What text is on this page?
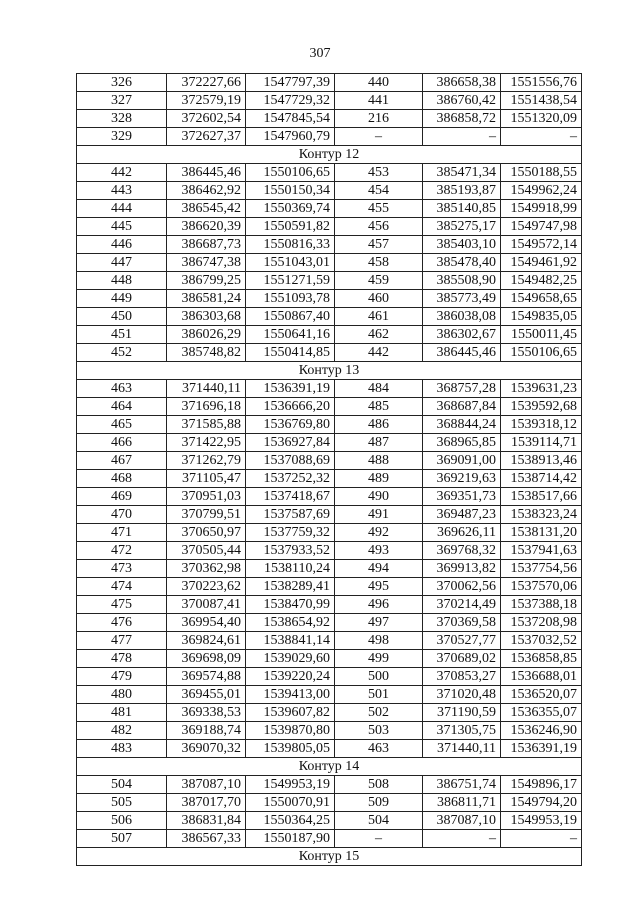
307
326	372227,66	1547797,39	440	386658,38	1551556,76
327	372579,19	1547729,32	441	386760,42	1551438,54
328	372602,54	1547845,54	216	386858,72	1551320,09
329	372627,37	1547960,79	–	–	–
Контур 12					
442	386445,46	1550106,65	453	385471,34	1550188,55
443	386462,92	1550150,34	454	385193,87	1549962,24
444	386545,42	1550369,74	455	385140,85	1549918,99
445	386620,39	1550591,82	456	385275,17	1549747,98
446	386687,73	1550816,33	457	385403,10	1549572,14
447	386747,38	1551043,01	458	385478,40	1549461,92
448	386799,25	1551271,59	459	385508,90	1549482,25
449	386581,24	1551093,78	460	385773,49	1549658,65
450	386303,68	1550867,40	461	386038,08	1549835,05
451	386026,29	1550641,16	462	386302,67	1550011,45
452	385748,82	1550414,85	442	386445,46	1550106,65
Контур 13					
463	371440,11	1536391,19	484	368757,28	1539631,23
464	371696,18	1536666,20	485	368687,84	1539592,68
465	371585,88	1536769,80	486	368844,24	1539318,12
466	371422,95	1536927,84	487	368965,85	1539114,71
467	371262,79	1537088,69	488	369091,00	1538913,46
468	371105,47	1537252,32	489	369219,63	1538714,42
469	370951,03	1537418,67	490	369351,73	1538517,66
470	370799,51	1537587,69	491	369487,23	1538323,24
471	370650,97	1537759,32	492	369626,11	1538131,20
472	370505,44	1537933,52	493	369768,32	1537941,63
473	370362,98	1538110,24	494	369913,82	1537754,56
474	370223,62	1538289,41	495	370062,56	1537570,06
475	370087,41	1538470,99	496	370214,49	1537388,18
476	369954,40	1538654,92	497	370369,58	1537208,98
477	369824,61	1538841,14	498	370527,77	1537032,52
478	369698,09	1539029,60	499	370689,02	1536858,85
479	369574,88	1539220,24	500	370853,27	1536688,01
480	369455,01	1539413,00	501	371020,48	1536520,07
481	369338,53	1539607,82	502	371190,59	1536355,07
482	369188,74	1539870,80	503	371305,75	1536246,90
483	369070,32	1539805,05	463	371440,11	1536391,19
Контур 14					
504	387087,10	1549953,19	508	386751,74	1549896,17
505	387017,70	1550070,91	509	386811,71	1549794,20
506	386831,84	1550364,25	504	387087,10	1549953,19
507	386567,33	1550187,90	–	–	–
Контур 15					
